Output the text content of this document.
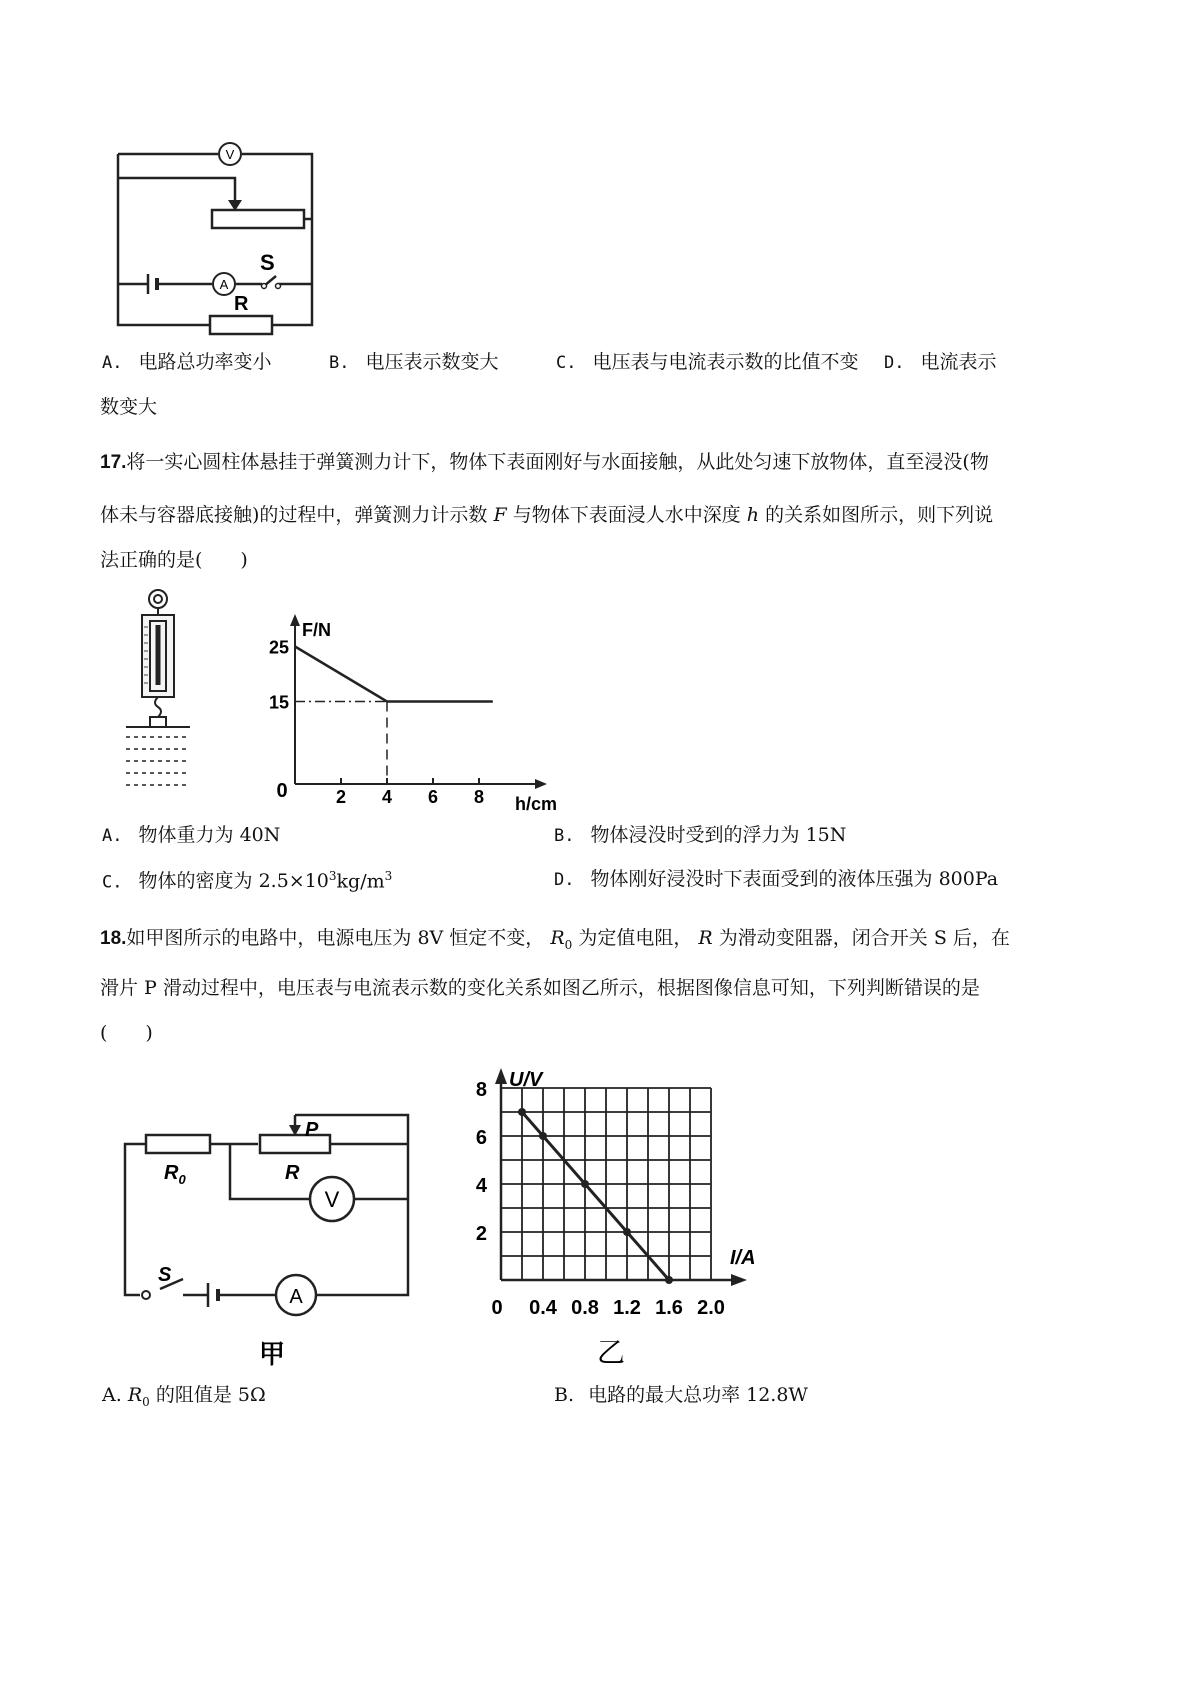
V
A
S
R
A. 电路总功率变小	B. 电压表示数变大	C. 电压表与电流表示数的比值不变 D. 电流表示
数变大
17.将一实心圆柱体悬挂于弹簧测力计下，物体下表面刚好与水面接触，从此处匀速下放物体，直至浸没(物
体未与容器底接触)的过程中，弹簧测力计示数 F 与物体下表面浸人水中深度 h 的关系如图所示，则下列说
法正确的是(　　)
F/N
h/cm
0	2 4 6 8
15
25
A. 物体重力为 40N	B. 物体浸没时受到的浮力为 15N
C. 物体的密度为 $2.5\times 10^3kg/m^3$	D. 物体刚好浸没时下表面受到的液体压强为 800Pa
18.如甲图所示的电路中，电源电压为 8V 恒定不变， $R_0$ 为定值电阻， R 为滑动变阻器，闭合开关 S 后，在
滑片 P 滑动过程中，电压表与电流表示数的变化关系如图乙所示，根据图像信息可知，下列判断错误的是
(　　)
V
A
$R_0$	R
P
S
甲
U/V
I/A
0
乙
0.4 0.8 1.2 1.6 2.0
2
4
6
8
A. $R_0$ 的阻值是 5Ω	B. 电路的最大总功率 12.8W
